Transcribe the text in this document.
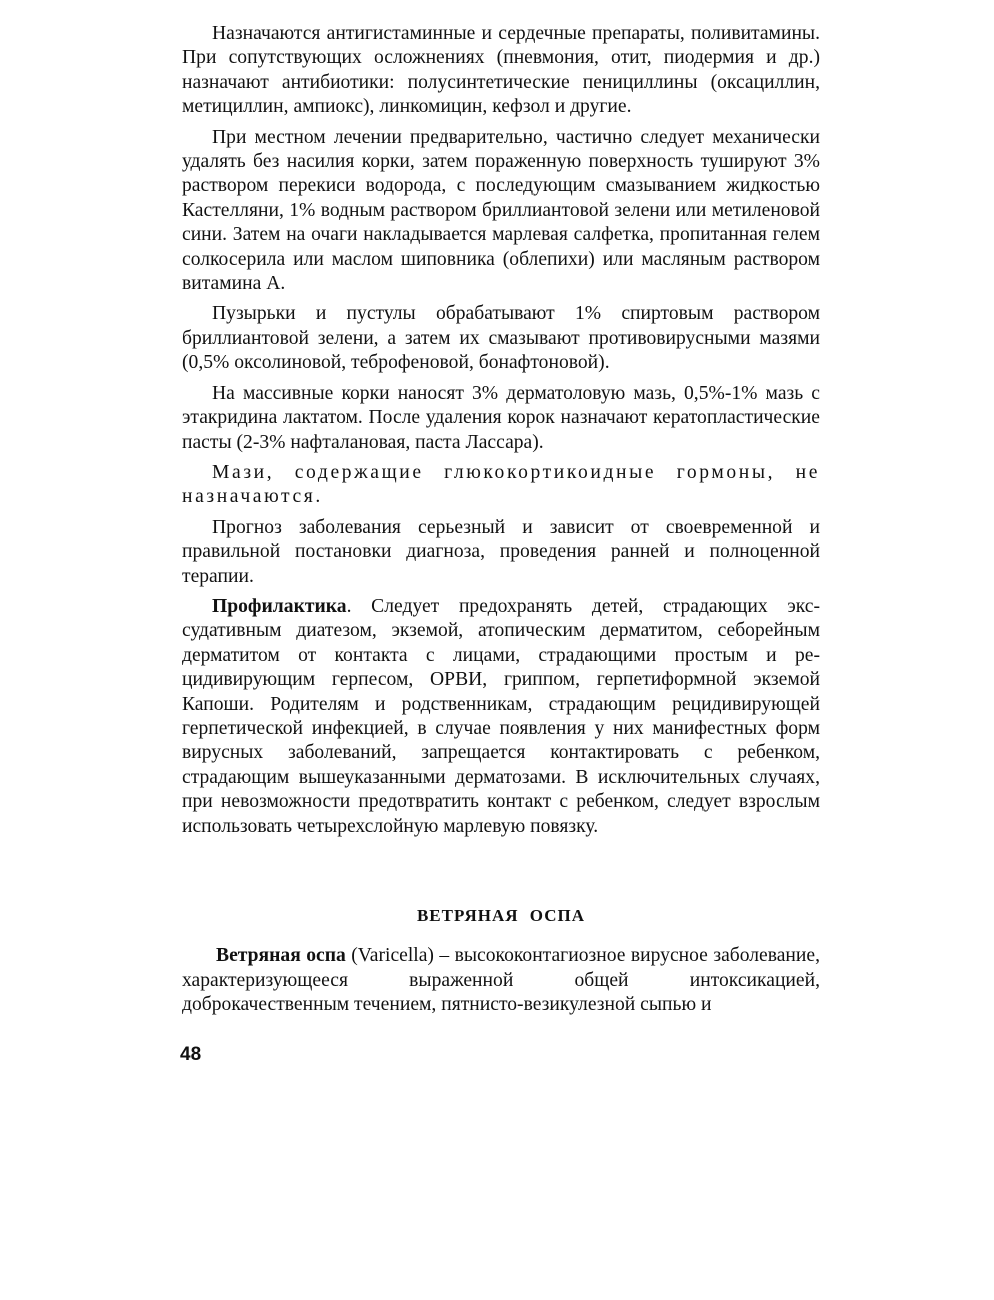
Назначаются антигистаминные и сердечные препараты, поливитамины. При сопутствующих осложнениях (пневмония, отит, пиодермия и др.) назначают антибиотики: полусинтетические пенициллины (оксациллин, метициллин, ампиокс), линкомицин, кефзол и другие.

При местном лечении предварительно, частично следует механически удалять без насилия корки, затем пораженную поверхность тушируют 3% раствором перекиси водорода, с последующим смазыванием жидкостью Кастелляни, 1% водным раствором бриллиантовой зелени или метиленовой сини. Затем на очаги накладывается марлевая салфетка, пропитанная гелем солкосерила или маслом шиповника (облепихи) или масляным раствором витамина А.

Пузырьки и пустулы обрабатывают 1% спиртовым раствором бриллиантовой зелени, а затем их смазывают противовирусными мазями (0,5% оксолиновой, теброфеновой, бонафтоновой).

На массивные корки наносят 3% дерматоловую мазь, 0,5%-1% мазь с этакридина лактатом. После удаления корок назначают кератопластические пасты (2-3% нафталановая, паста Лассара).

Мази, содержащие глюкокортикоидные гормоны, не назначаются.

Прогноз заболевания серьезный и зависит от своевременной и правильной постановки диагноза, проведения ранней и полноценной терапии.

Профилактика. Следует предохранять детей, страдающих экссудативным диатезом, экземой, атопическим дерматитом, себорейным дерматитом от контакта с лицами, страдающими простым и рецидивирующим герпесом, ОРВИ, гриппом, герпетиформной экземой Капоши. Родителям и родственникам, страдающим рецидивирующей герпетической инфекцией, в случае появления у них манифестных форм вирусных заболеваний, запрещается контактировать с ребенком, страдающим вышеуказанными дерматозами. В исключительных случаях, при невозможности предотвратить контакт с ребенком, следует взрослым использовать четырехслойную марлевую повязку.

ВЕТРЯНАЯ ОСПА

Ветряная оспа (Varicella) – высококонтагиозное вирусное заболевание, характеризующееся выраженной общей интоксикацией, доброкачественным течением, пятнисто-везикулезной сыпью и

48
